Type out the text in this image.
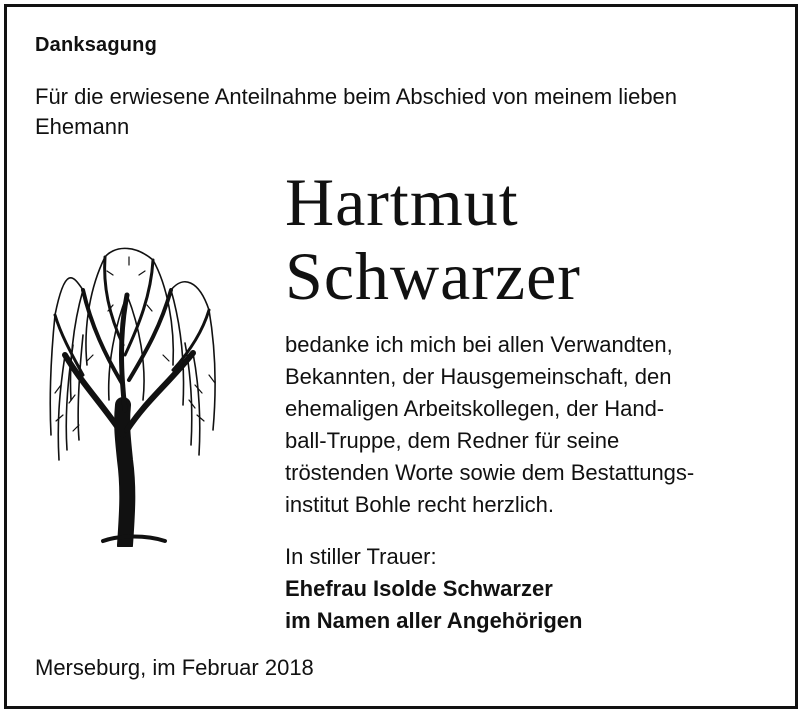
Danksagung
Für die erwiesene Anteilnahme beim Abschied von meinem lieben Ehemann
Hartmut
Schwarzer
bedanke ich mich bei allen Verwandten,
Bekannten, der Hausgemeinschaft, den
ehemaligen Arbeitskollegen, der Hand-
ball-Truppe, dem Redner für seine
tröstenden Worte sowie dem Bestattungs-
institut Bohle recht herzlich.
In stiller Trauer:
Ehefrau Isolde Schwarzer
im Namen aller Angehörigen
Merseburg, im Februar 2018
